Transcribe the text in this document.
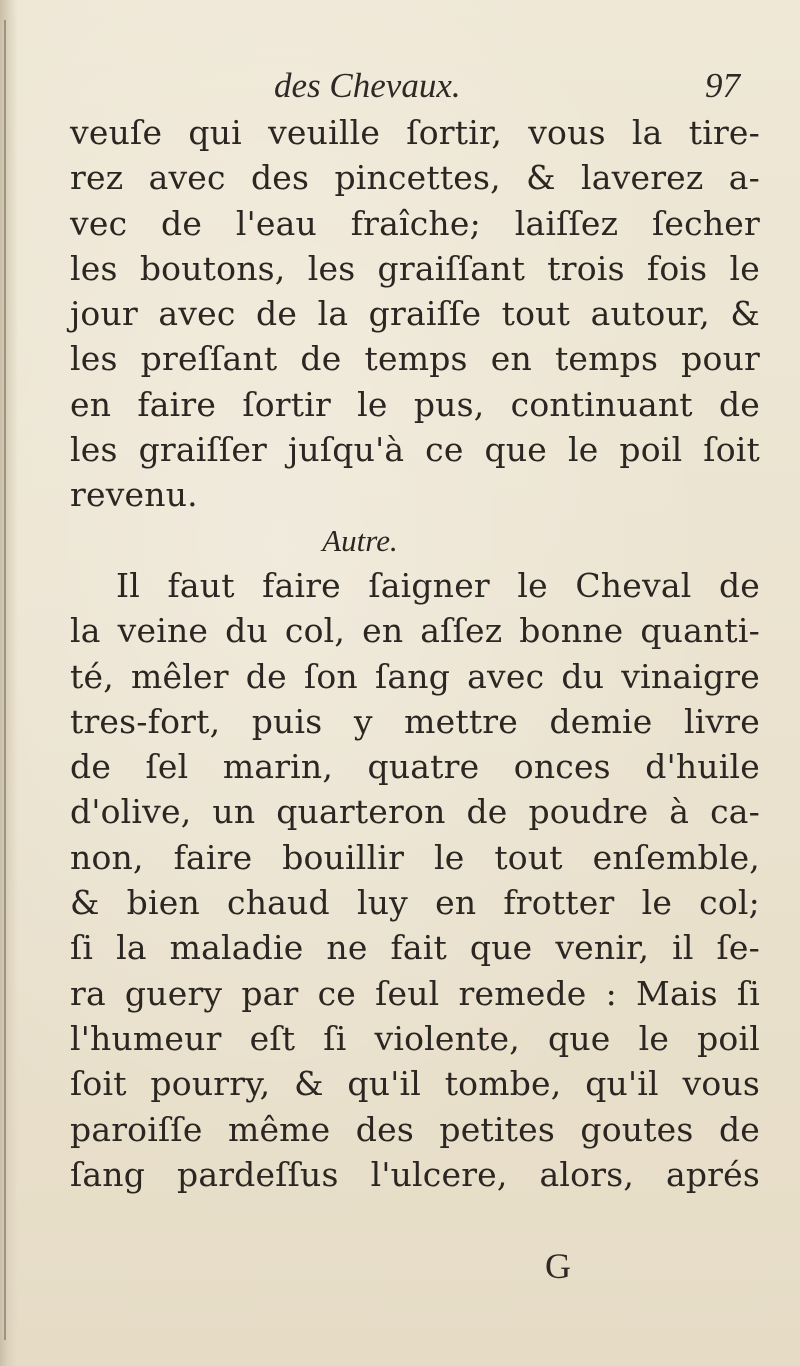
des Chevaux.	97
veuſe qui veuille ſortir, vous la tire-
rez avec des pincettes, & laverez a-
vec de l'eau fraîche; laiſſez ſecher
les boutons, les graiſſant trois fois le
jour avec de la graiſſe tout autour, &
les preſſant de temps en temps pour
en faire ſortir le pus, continuant de
les graiſſer juſqu'à ce que le poil ſoit
revenu.
Autre.
Il faut faire ſaigner le Cheval de
la veine du col, en aſſez bonne quanti-
té, mêler de ſon ſang avec du vinaigre
tres-fort, puis y mettre demie livre
de ſel marin, quatre onces d'huile
d'olive, un quarteron de poudre à ca-
non, faire bouillir le tout enſemble,
& bien chaud luy en frotter le col;
ſi la maladie ne fait que venir, il ſe-
ra guery par ce ſeul remede : Mais ſi
l'humeur eſt ſi violente, que le poil
ſoit pourry, & qu'il tombe, qu'il vous
paroiſſe même des petites goutes de
ſang pardeſſus l'ulcere, alors, aprés
G
